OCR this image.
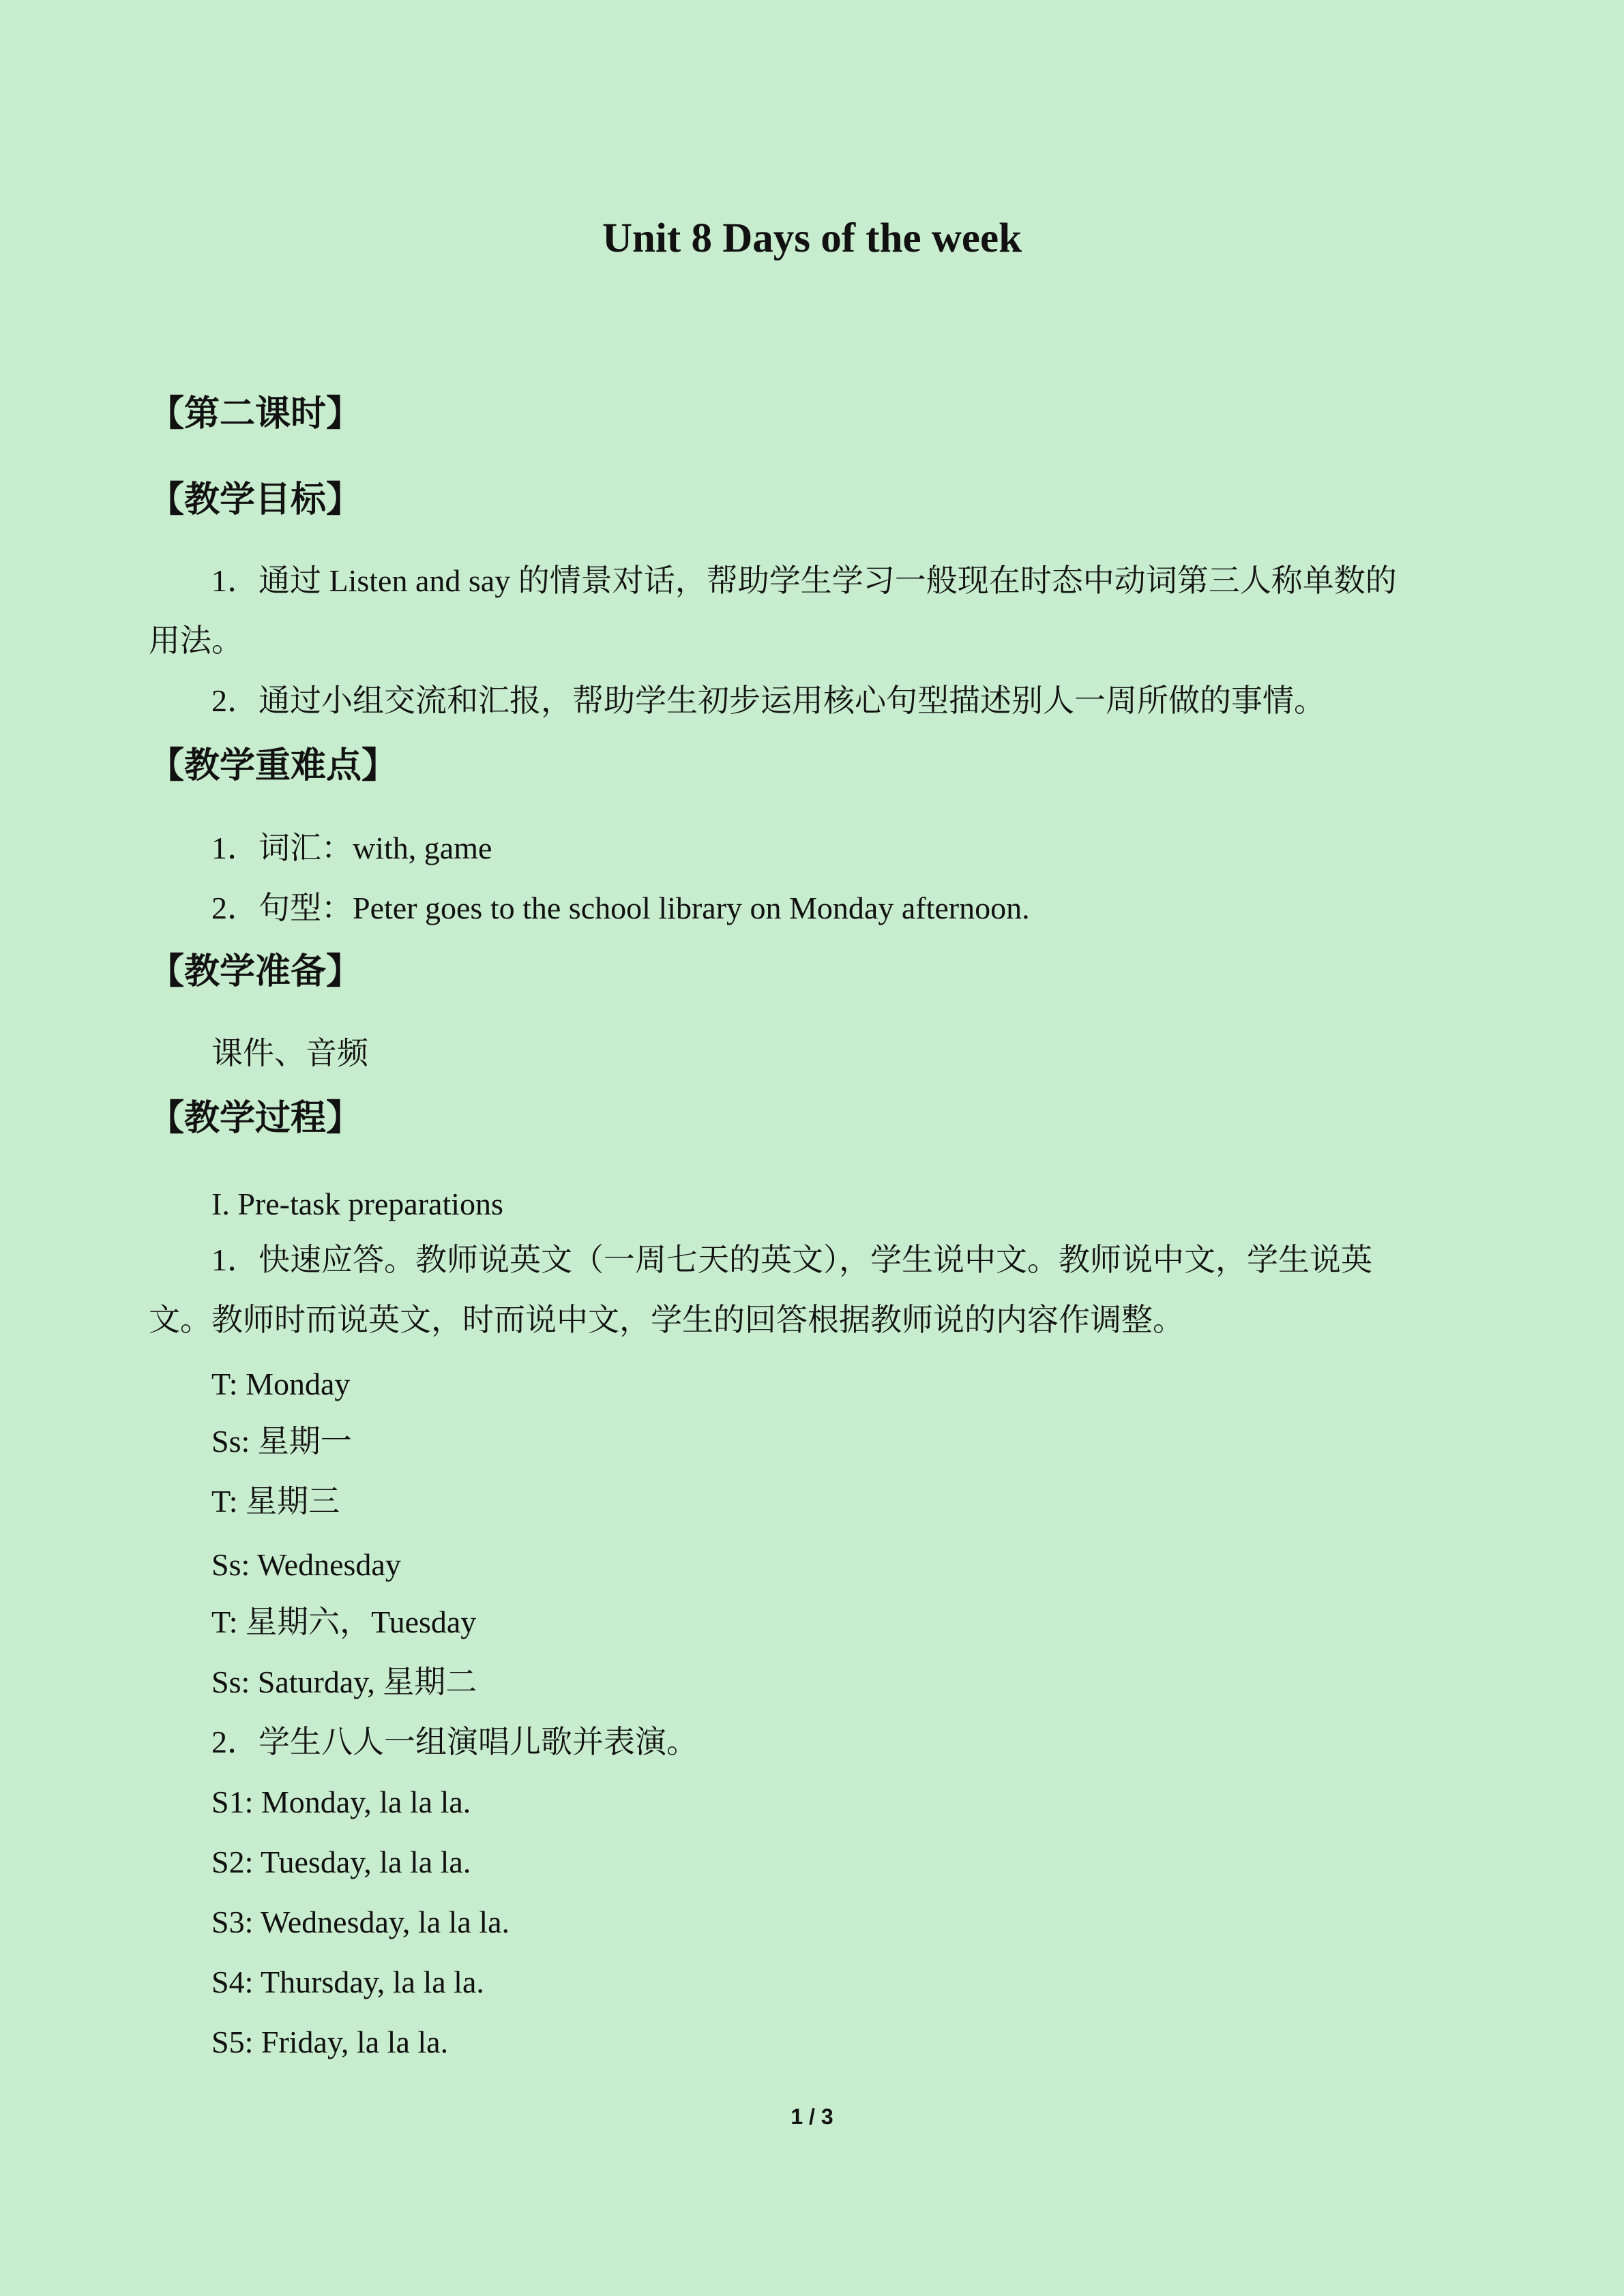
Unit 8 Days of the week
【第二课时】
【教学目标】

1．通过 Listen and say 的情景对话，帮助学生学习一般现在时态中动词第三人称单数的

用法。

2．通过小组交流和汇报，帮助学生初步运用核心句型描述别人一周所做的事情。

【教学重难点】

1．词汇：with, game

2．句型：Peter goes to the school library on Monday afternoon.

【教学准备】

课件、音频

【教学过程】

I. Pre-task preparations

1．快速应答。教师说英文（一周七天的英文），学生说中文。教师说中文，学生说英

文。教师时而说英文，时而说中文，学生的回答根据教师说的内容作调整。

T: Monday

Ss: 星期一

T: 星期三

Ss: Wednesday

T: 星期六，Tuesday

Ss: Saturday, 星期二

2．学生八人一组演唱儿歌并表演。

S1: Monday, la la la.

S2: Tuesday, la la la.

S3: Wednesday, la la la.

S4: Thursday, la la la.

S5: Friday, la la la.

1 / 3
